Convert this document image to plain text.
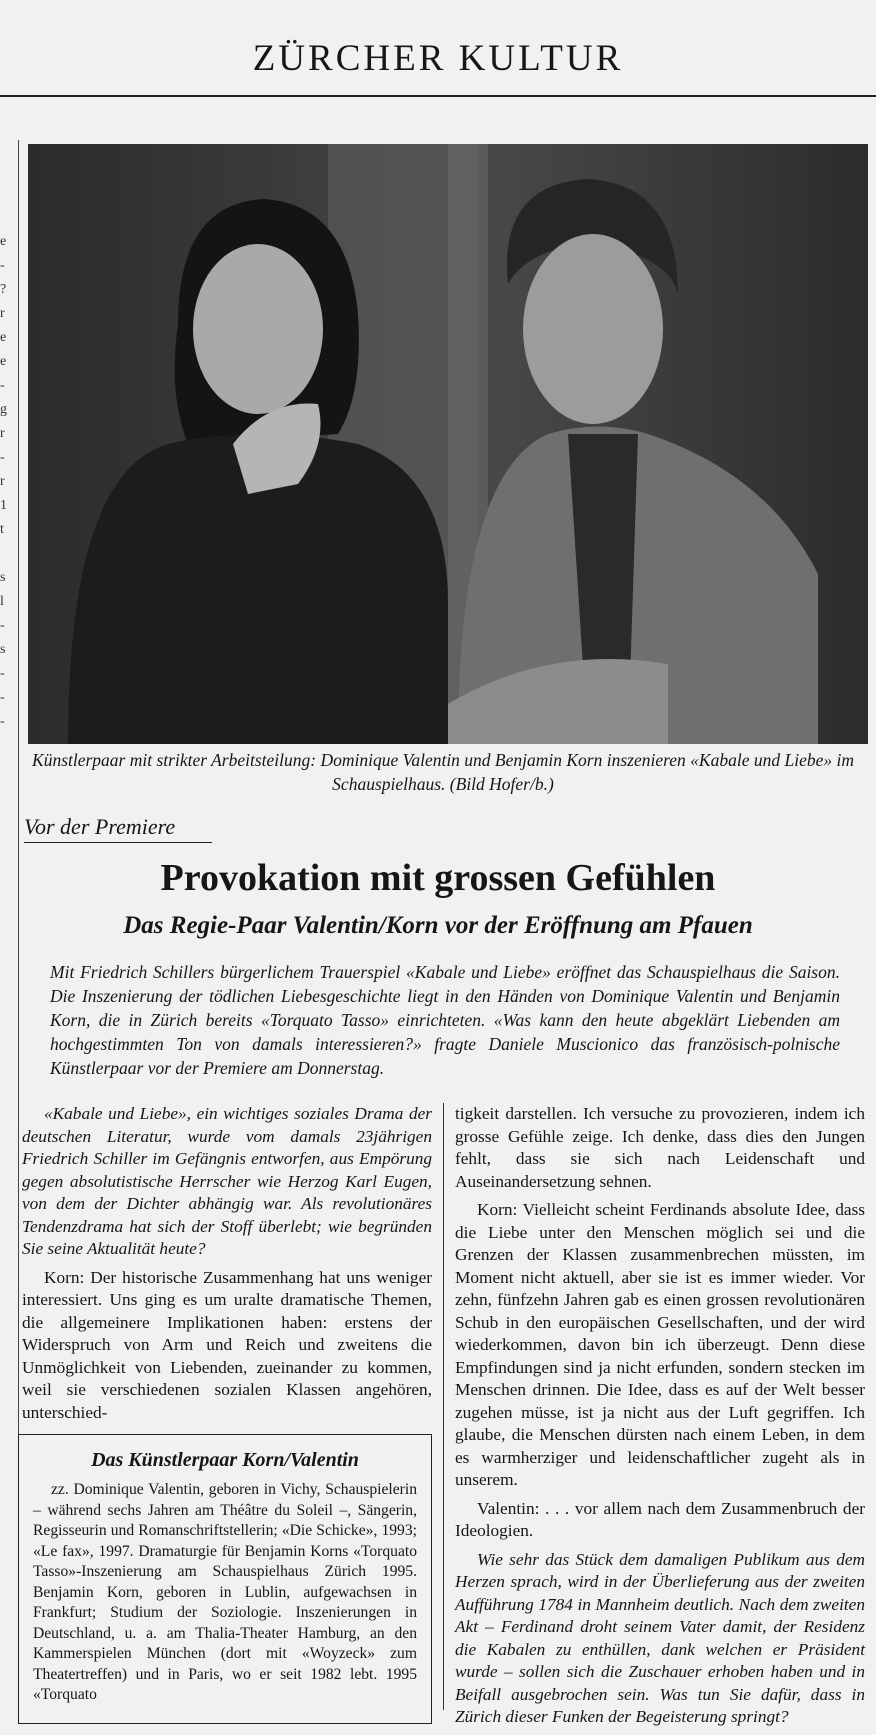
ZÜRCHER KULTUR
e
-
?
r
e
e
-
g
r
-
r
1
t

s
l
-
s
-
-
-
Künstlerpaar mit strikter Arbeitsteilung: Dominique Valentin und Benjamin Korn inszenieren «Kabale und Liebe» im Schauspielhaus. (Bild Hofer/b.)
Vor der Premiere
Provokation mit grossen Gefühlen
Das Regie-Paar Valentin/Korn vor der Eröffnung am Pfauen
Mit Friedrich Schillers bürgerlichem Trauerspiel «Kabale und Liebe» eröffnet das Schauspielhaus die Saison. Die Inszenierung der tödlichen Liebesgeschichte liegt in den Händen von Dominique Valentin und Benjamin Korn, die in Zürich bereits «Torquato Tasso» einrichteten. «Was kann den heute abgeklärt Liebenden am hochgestimmten Ton von damals interessieren?» fragte Daniele Muscionico das französisch-polnische Künstlerpaar vor der Premiere am Donnerstag.

«Kabale und Liebe», ein wichtiges soziales Drama der deutschen Literatur, wurde vom damals 23jährigen Friedrich Schiller im Gefängnis entworfen, aus Empörung gegen absolutistische Herrscher wie Herzog Karl Eugen, von dem der Dichter abhängig war. Als revolutionäres Tendenzdrama hat sich der Stoff überlebt; wie begründen Sie seine Aktualität heute?

Korn: Der historische Zusammenhang hat uns weniger interessiert. Uns ging es um uralte dramatische Themen, die allgemeinere Implikationen haben: erstens der Widerspruch von Arm und Reich und zweitens die Unmöglichkeit von Liebenden, zueinander zu kommen, weil sie verschiedenen sozialen Klassen angehören, unterschied-

tigkeit darstellen. Ich versuche zu provozieren, indem ich grosse Gefühle zeige. Ich denke, dass dies den Jungen fehlt, dass sie sich nach Leidenschaft und Auseinandersetzung sehnen.

Korn: Vielleicht scheint Ferdinands absolute Idee, dass die Liebe unter den Menschen möglich sei und die Grenzen der Klassen zusammenbrechen müssten, im Moment nicht aktuell, aber sie ist es immer wieder. Vor zehn, fünfzehn Jahren gab es einen grossen revolutionären Schub in den europäischen Gesellschaften, und der wird wiederkommen, davon bin ich überzeugt. Denn diese Empfindungen sind ja nicht erfunden, sondern stecken im Menschen drinnen. Die Idee, dass es auf der Welt besser zugehen müsse, ist ja nicht aus der Luft gegriffen. Ich glaube, die Menschen dürsten nach einem Leben, in dem es warmherziger und leidenschaftlicher zugeht als in unserem.

Valentin: . . . vor allem nach dem Zusammenbruch der Ideologien.

Wie sehr das Stück dem damaligen Publikum aus dem Herzen sprach, wird in der Überlieferung aus der zweiten Aufführung 1784 in Mannheim deutlich. Nach dem zweiten Akt – Ferdinand droht seinem Vater damit, der Residenz die Kabalen zu enthüllen, dank welchen er Präsident wurde – sollen sich die Zuschauer erhoben haben und in Beifall ausgebrochen sein. Was tun Sie dafür, dass in Zürich dieser Funken der Begeisterung springt?

Das Künstlerpaar Korn/Valentin

zz. Dominique Valentin, geboren in Vichy, Schauspielerin – während sechs Jahren am Théâtre du Soleil –, Sängerin, Regisseurin und Romanschriftstellerin; «Die Schicke», 1993; «Le fax», 1997. Dramaturgie für Benjamin Korns «Torquato Tasso»-Inszenierung am Schauspielhaus Zürich 1995. Benjamin Korn, geboren in Lublin, aufgewachsen in Frankfurt; Studium der Soziologie. Inszenierungen in Deutschland, u. a. am Thalia-Theater Hamburg, an den Kammerspielen München (dort mit «Woyzeck» zum Theatertreffen) und in Paris, wo er seit 1982 lebt. 1995 «Torquato
